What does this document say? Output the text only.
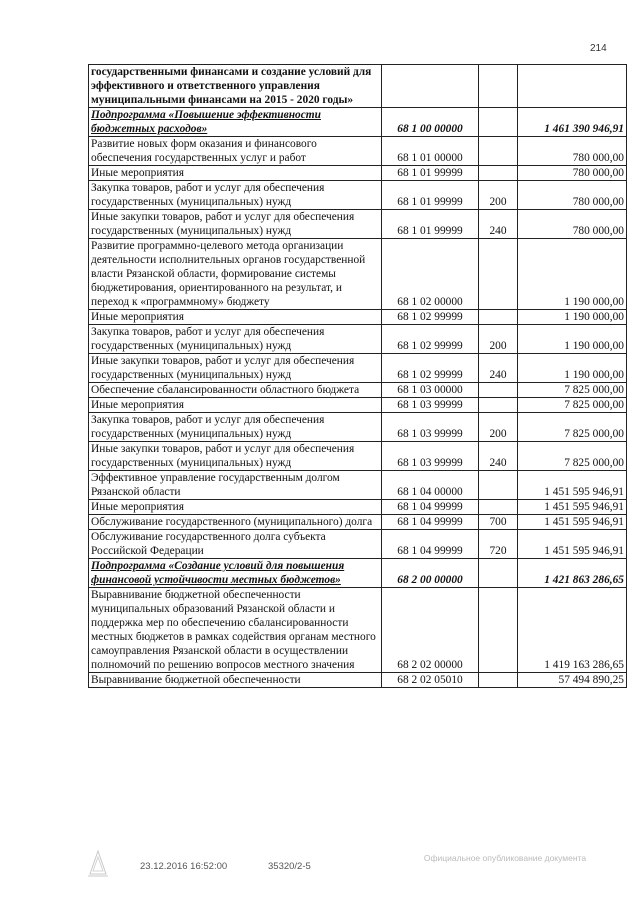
214
государственными финансами и создание условий для эффективного и ответственного управления муниципальными финансами на 2015 - 2020 годы»			
Подпрограмма «Повышение эффективности бюджетных расходов»	68 1 00 00000		1 461 390 946,91
Развитие новых форм оказания и финансового обеспечения государственных услуг и работ	68 1 01 00000		780 000,00
Иные мероприятия	68 1 01 99999		780 000,00
Закупка товаров, работ и услуг для обеспечения государственных (муниципальных) нужд	68 1 01 99999	200	780 000,00
Иные закупки товаров, работ и услуг для обеспечения государственных (муниципальных) нужд	68 1 01 99999	240	780 000,00
Развитие программно-целевого метода организации деятельности исполнительных органов государственной власти Рязанской области, формирование системы бюджетирования, ориентированного на результат, и переход к «программному» бюджету	68 1 02 00000		1 190 000,00
Иные мероприятия	68 1 02 99999		1 190 000,00
Закупка товаров, работ и услуг для обеспечения государственных (муниципальных) нужд	68 1 02 99999	200	1 190 000,00
Иные закупки товаров, работ и услуг для обеспечения государственных (муниципальных) нужд	68 1 02 99999	240	1 190 000,00
Обеспечение сбалансированности областного бюджета	68 1 03 00000		7 825 000,00
Иные мероприятия	68 1 03 99999		7 825 000,00
Закупка товаров, работ и услуг для обеспечения государственных (муниципальных) нужд	68 1 03 99999	200	7 825 000,00
Иные закупки товаров, работ и услуг для обеспечения государственных (муниципальных) нужд	68 1 03 99999	240	7 825 000,00
Эффективное управление государственным долгом Рязанской области	68 1 04 00000		1 451 595 946,91
Иные мероприятия	68 1 04 99999		1 451 595 946,91
Обслуживание государственного (муниципального) долга	68 1 04 99999	700	1 451 595 946,91
Обслуживание государственного долга субъекта Российской Федерации	68 1 04 99999	720	1 451 595 946,91
Подпрограмма «Создание условий для повышения финансовой устойчивости местных бюджетов»	68 2 00 00000		1 421 863 286,65
Выравнивание бюджетной обеспеченности муниципальных образований Рязанской области и поддержка мер по обеспечению сбалансированности местных бюджетов в рамках содействия органам местного самоуправления Рязанской области в осуществлении полномочий по решению вопросов местного значения	68 2 02 00000		1 419 163 286,65
Выравнивание бюджетной обеспеченности	68 2 02 05010		57 494 890,25
23.12.2016 16:52:00	35320/2-5
Официальное опубликование документа
